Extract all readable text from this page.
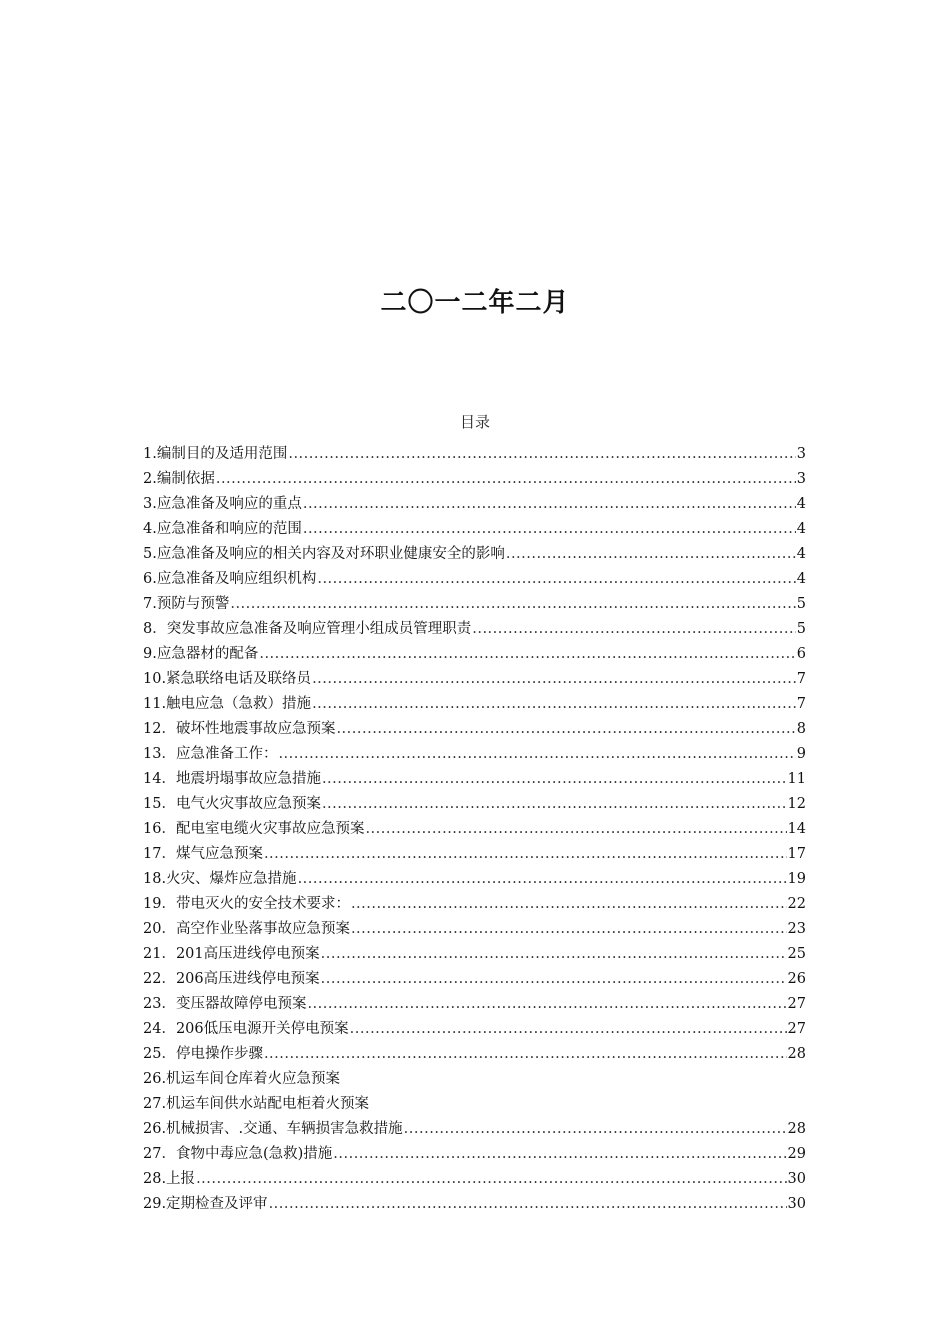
二〇一二年二月
目录
1.编制目的及适用范围 .....	3
2.编制依据 .....	3
3.应急准备及响应的重点 .....	4
4.应急准备和响应的范围 .....	4
5.应急准备及响应的相关内容及对环职业健康安全的影响 .....	4
6.应急准备及响应组织机构 .....	4
7.预防与预警 .....	5
8．突发事故应急准备及响应管理小组成员管理职责 .....	5
9.应急器材的配备 .....	6
10.紧急联络电话及联络员 .....	7
11.触电应急（急救）措施 .....	7
12．破坏性地震事故应急预案 .....	8
13．应急准备工作： .....	9
14．地震坍塌事故应急措施 .....	11
15．电气火灾事故应急预案 .....	12
16．配电室电缆火灾事故应急预案 .....	14
17．煤气应急预案 .....	17
18.火灾、爆炸应急措施 .....	19
19．带电灭火的安全技术要求： .....	22
20．高空作业坠落事故应急预案 .....	23
21．201高压进线停电预案 .....	25
22．206高压进线停电预案 .....	26
23．变压器故障停电预案 .....	27
24．206低压电源开关停电预案 .....	27
25．停电操作步骤 .....	28
26.机运车间仓库着火应急预案
27.机运车间供水站配电柜着火预案
26.机械损害、.交通、车辆损害急救措施 .....	28
27．食物中毒应急(急救)措施 .....	29
28.上报 .....	30
29.定期检查及评审 .....	30
